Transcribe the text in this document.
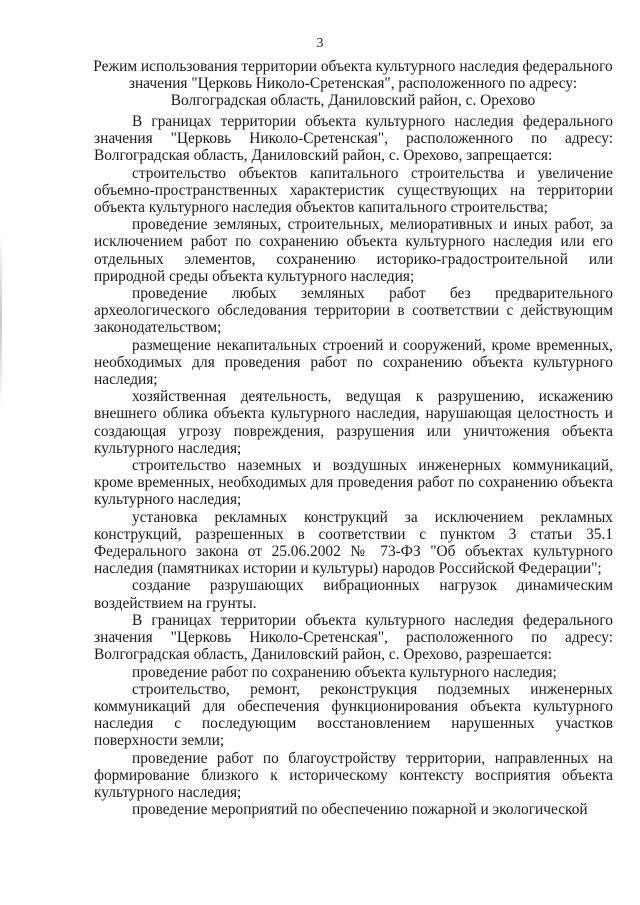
3
Режим использования территории объекта культурного наследия федерального
значения "Церковь Николо-Сретенская", расположенного по адресу:
Волгоградская область, Даниловский район, с. Орехово

В границах территории объекта культурного наследия федерального значения "Церковь Николо-Сретенская", расположенного по адресу: Волгоградская область, Даниловский район, с. Орехово, запрещается:

строительство объектов капитального строительства и увеличение объемно-пространственных характеристик существующих на территории объекта культурного наследия объектов капитального строительства;

проведение земляных, строительных, мелиоративных и иных работ, за исключением работ по сохранению объекта культурного наследия или его отдельных элементов, сохранению историко-градостроительной или природной среды объекта культурного наследия;

проведение любых земляных работ без предварительного археологического обследования территории в соответствии с действующим законодательством;

размещение некапитальных строений и сооружений, кроме временных, необходимых для проведения работ по сохранению объекта культурного наследия;

хозяйственная деятельность, ведущая к разрушению, искажению внешнего облика объекта культурного наследия, нарушающая целостность и создающая угрозу повреждения, разрушения или уничтожения объекта культурного наследия;

строительство наземных и воздушных инженерных коммуникаций, кроме временных, необходимых для проведения работ по сохранению объекта культурного наследия;

установка рекламных конструкций за исключением рекламных конструкций, разрешенных в соответствии с пунктом 3 статьи 35.1 Федерального закона от 25.06.2002 № 73-ФЗ "Об объектах культурного наследия (памятниках истории и культуры) народов Российской Федерации";

создание разрушающих вибрационных нагрузок динамическим воздействием на грунты.

В границах территории объекта культурного наследия федерального значения "Церковь Николо-Сретенская", расположенного по адресу: Волгоградская область, Даниловский район, с. Орехово, разрешается:

проведение работ по сохранению объекта культурного наследия;

строительство, ремонт, реконструкция подземных инженерных коммуникаций для обеспечения функционирования объекта культурного наследия с последующим восстановлением нарушенных участков поверхности земли;

проведение работ по благоустройству территории, направленных на формирование близкого к историческому контексту восприятия объекта культурного наследия;

проведение мероприятий по обеспечению пожарной и экологической
